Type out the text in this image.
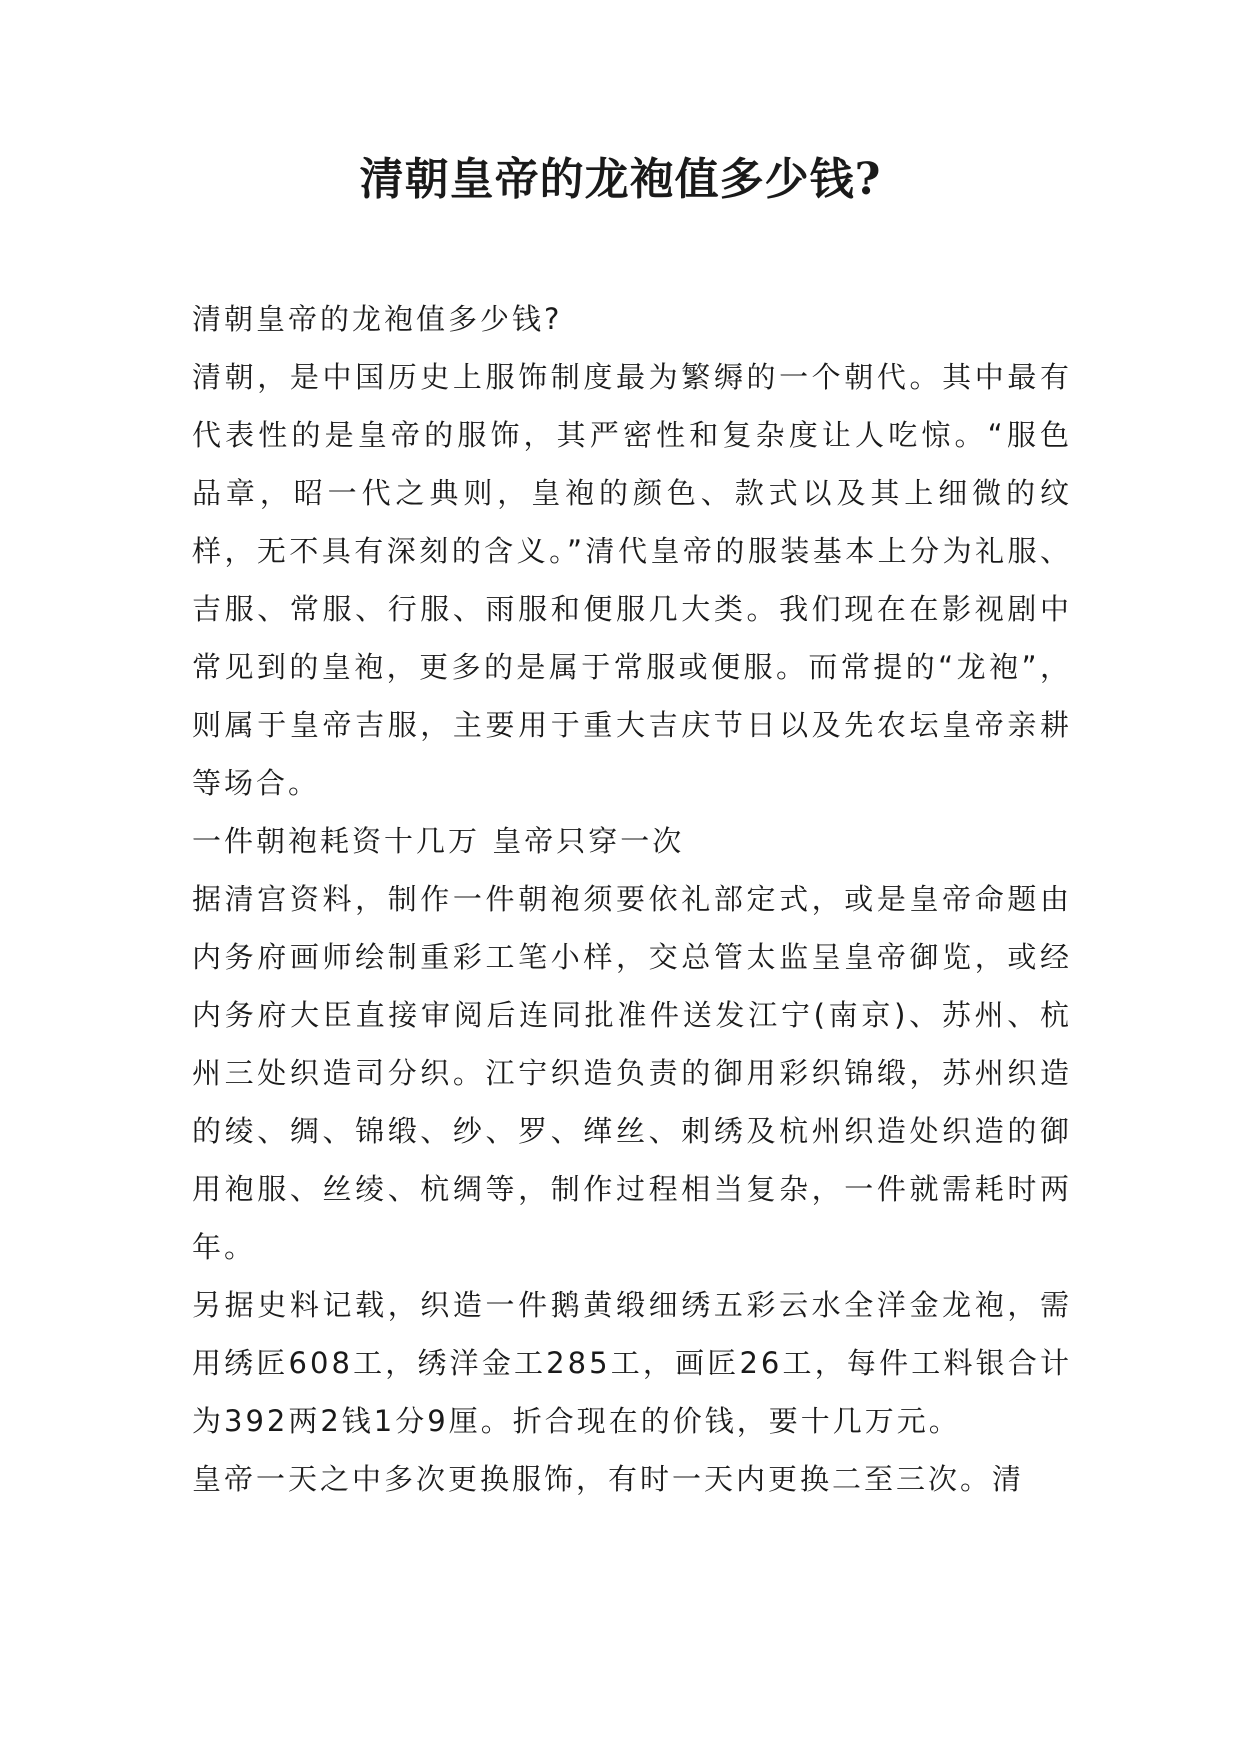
清朝皇帝的龙袍值多少钱?

清朝皇帝的龙袍值多少钱?

清朝，是中国历史上服饰制度最为繁缛的一个朝代。其中最有代表性的是皇帝的服饰，其严密性和复杂度让人吃惊。“服色品章，昭一代之典则，皇袍的颜色、款式以及其上细微的纹样，无不具有深刻的含义。”清代皇帝的服装基本上分为礼服、吉服、常服、行服、雨服和便服几大类。我们现在在影视剧中常见到的皇袍，更多的是属于常服或便服。而常提的“龙袍”，则属于皇帝吉服，主要用于重大吉庆节日以及先农坛皇帝亲耕等场合。

一件朝袍耗资十几万 皇帝只穿一次

据清宫资料，制作一件朝袍须要依礼部定式，或是皇帝命题由内务府画师绘制重彩工笔小样，交总管太监呈皇帝御览，或经内务府大臣直接审阅后连同批准件送发江宁(南京)、苏州、杭州三处织造司分织。江宁织造负责的御用彩织锦缎，苏州织造的绫、绸、锦缎、纱、罗、缂丝、刺绣及杭州织造处织造的御用袍服、丝绫、杭绸等，制作过程相当复杂，一件就需耗时两年。

另据史料记载，织造一件鹅黄缎细绣五彩云水全洋金龙袍，需用绣匠608工，绣洋金工285工，画匠26工，每件工料银合计为392两2钱1分9厘。折合现在的价钱，要十几万元。

皇帝一天之中多次更换服饰，有时一天内更换二至三次。清
